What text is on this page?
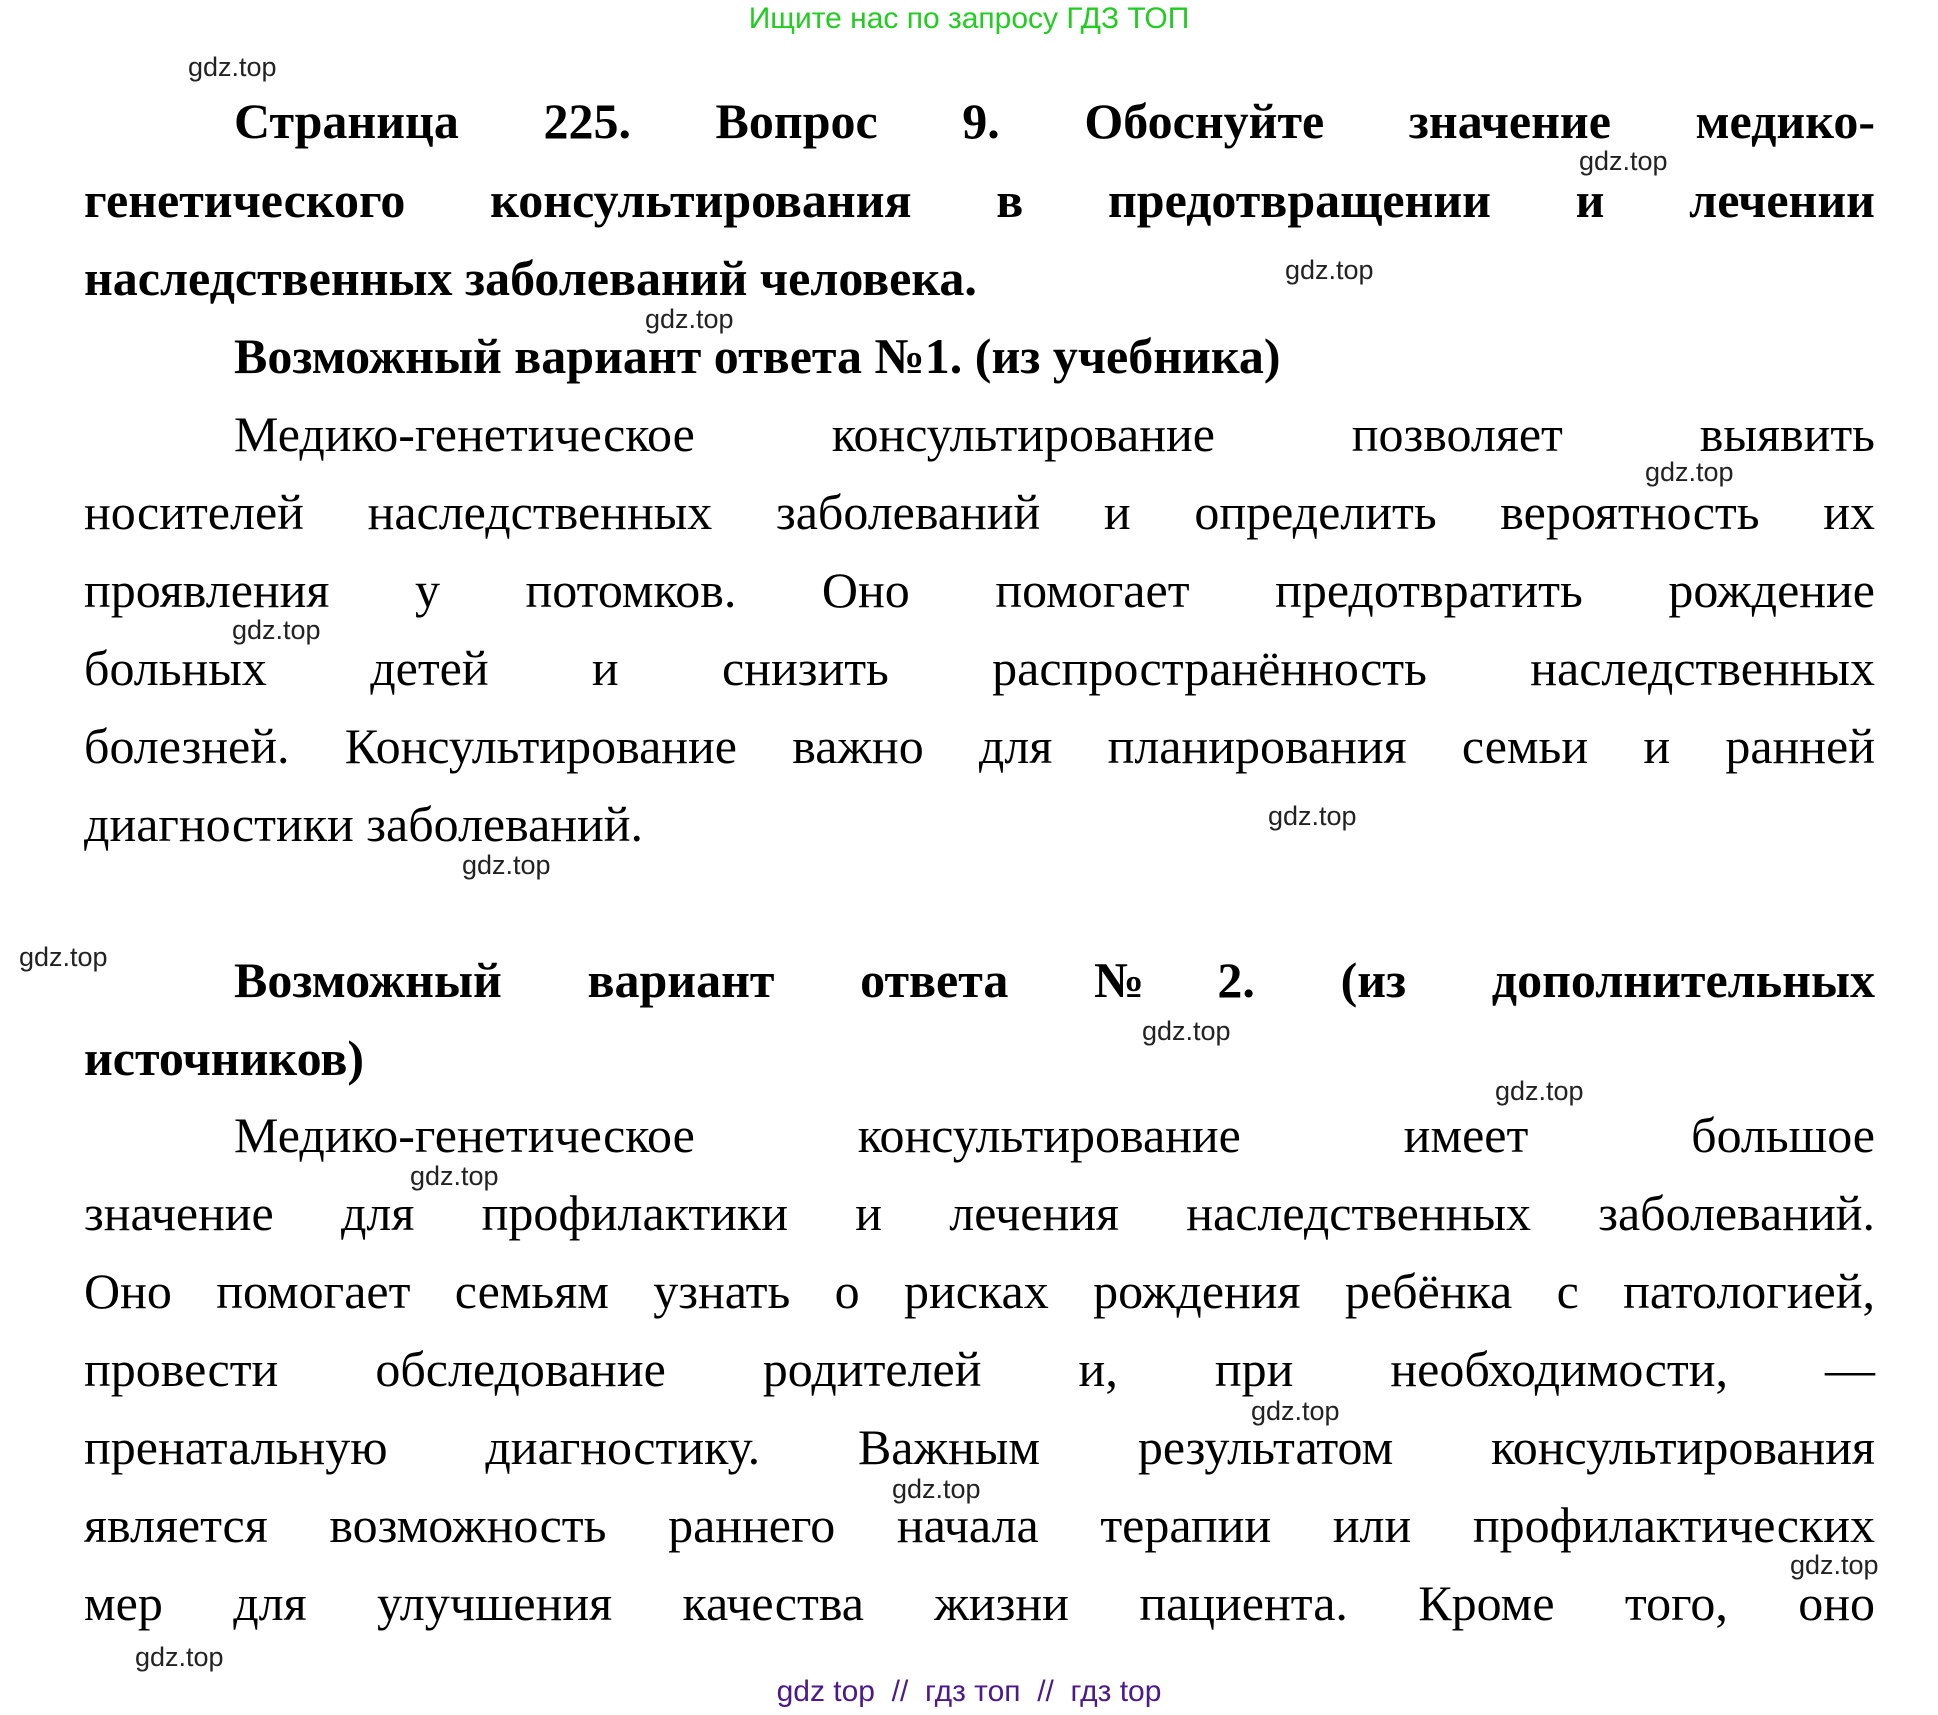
Ищите нас по запросу ГДЗ ТОП
Страница 225. Вопрос 9. Обоснуйте значение медико-
генетического консультирования в предотвращении и лечении
наследственных заболеваний человека.
Возможный вариант ответа №1. (из учебника)
Медико-генетическое консультирование позволяет выявить
носителей наследственных заболеваний и определить вероятность их
проявления у потомков. Оно помогает предотвратить рождение
больных детей и снизить распространённость наследственных
болезней. Консультирование важно для планирования семьи и ранней
диагностики заболеваний.
Возможный вариант ответа №2. (из дополнительных
источников)
Медико-генетическое консультирование имеет большое
значение для профилактики и лечения наследственных заболеваний.
Оно помогает семьям узнать о рисках рождения ребёнка с патологией,
провести обследование родителей и, при необходимости, —
пренатальную диагностику. Важным результатом консультирования
является возможность раннего начала терапии или профилактических
мер для улучшения качества жизни пациента. Кроме того, оно
gdz.top
gdz.top
gdz.top
gdz.top
gdz.top
gdz.top
gdz.top
gdz.top
gdz.top
gdz.top
gdz.top
gdz.top
gdz.top
gdz.top
gdz.top
gdz.top
gdz top  //  гдз топ  //  гдз top
